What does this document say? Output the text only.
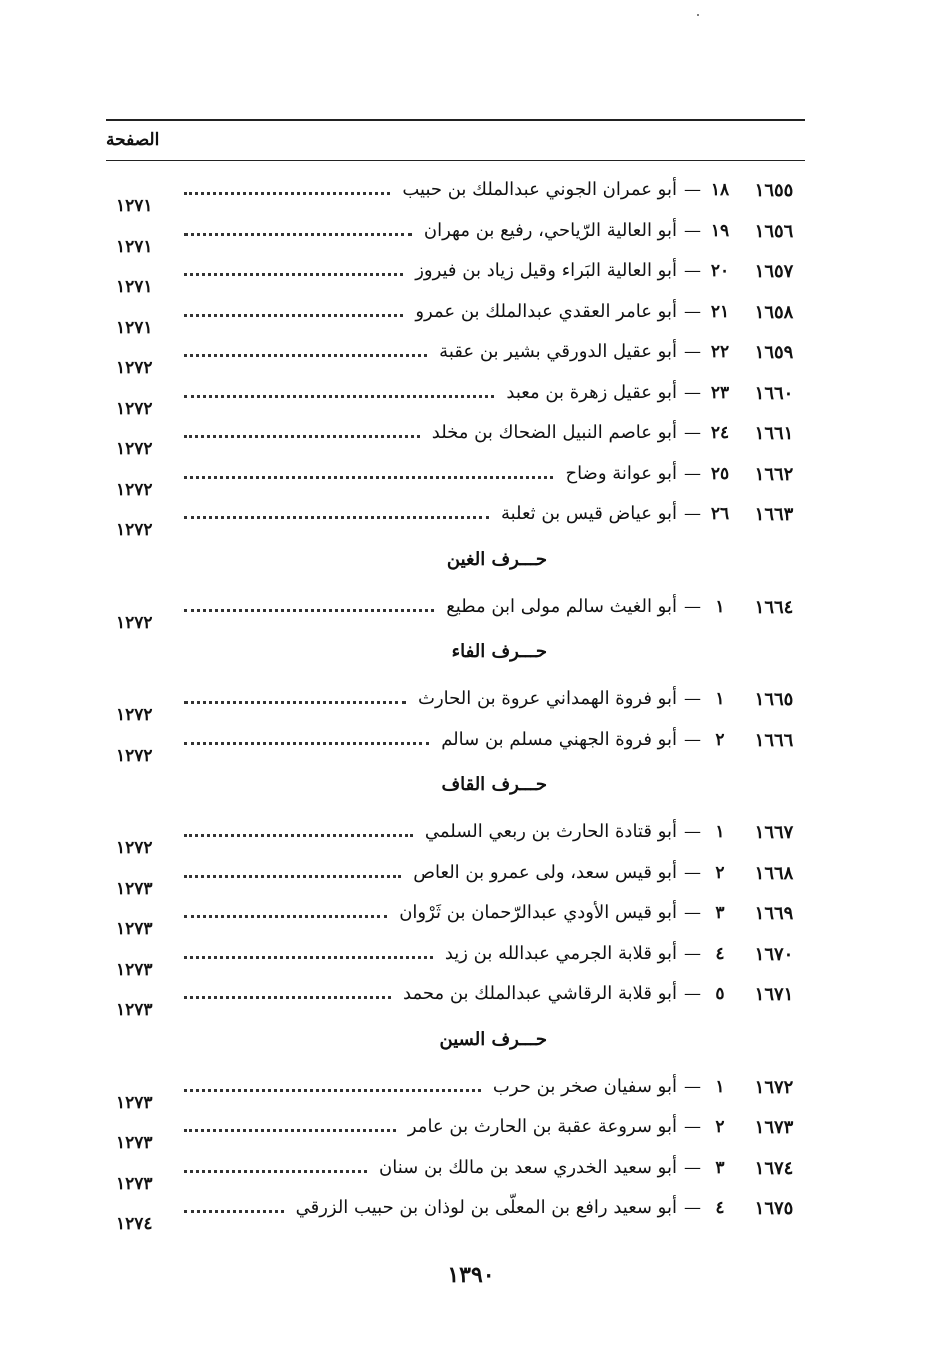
الصفحة
١٦٥٥
١٨
أبو عمران الجوني عبدالملك بن حبيب
١٢٧١
—
١٦٥٦
١٩
أبو العالية الرّياحي، رفيع بن مهران
١٢٧١
—
١٦٥٧
٢٠
أبو العالية البَراء وقيل زياد بن فيروز
١٢٧١
—
١٦٥٨
٢١
أبو عامر العقدي عبدالملك بن عمرو
١٢٧١
—
١٦٥٩
٢٢
أبو عقيل الدورقي بشير بن عقبة
١٢٧٢
—
١٦٦٠
٢٣
أبو عقيل زهرة بن معبد
١٢٧٢
—
١٦٦١
٢٤
أبو عاصم النبيل الضحاك بن مخلد
١٢٧٢
—
١٦٦٢
٢٥
أبو عوانة وضاح
١٢٧٢
—
١٦٦٣
٢٦
أبو عياض قيس بن ثعلبة
١٢٧٢
—
حـــرف الغين
١٦٦٤
١
أبو الغيث سالم مولى ابن مطيع
١٢٧٢
—
حـــرف الفاء
١٦٦٥
١
أبو فروة الهمداني عروة بن الحارث
١٢٧٢
—
١٦٦٦
٢
أبو فروة الجهني مسلم بن سالم
١٢٧٢
—
حـــرف القاف
١٦٦٧
١
أبو قتادة الحارث بن ربعي السلمي
١٢٧٢
—
١٦٦٨
٢
أبو قيس سعد، ولى عمرو بن العاص
١٢٧٣
—
١٦٦٩
٣
أبو قيس الأودي عبدالرّحمان بن ثَرْوان
١٢٧٣
—
١٦٧٠
٤
أبو قلابة الجرمي عبدالله بن زيد
١٢٧٣
—
١٦٧١
٥
أبو قلابة الرقاشي عبدالملك بن محمد
١٢٧٣
—
حـــرف السين
١٦٧٢
١
أبو سفيان صخر بن حرب
١٢٧٣
—
١٦٧٣
٢
أبو سروعة عقبة بن الحارث بن عامر
١٢٧٣
—
١٦٧٤
٣
أبو سعيد الخدري سعد بن مالك بن سنان
١٢٧٣
—
١٦٧٥
٤
أبو سعيد رافع بن المعلّى بن لوذان بن حبيب الزرقي
١٢٧٤
—
١٣٩٠
